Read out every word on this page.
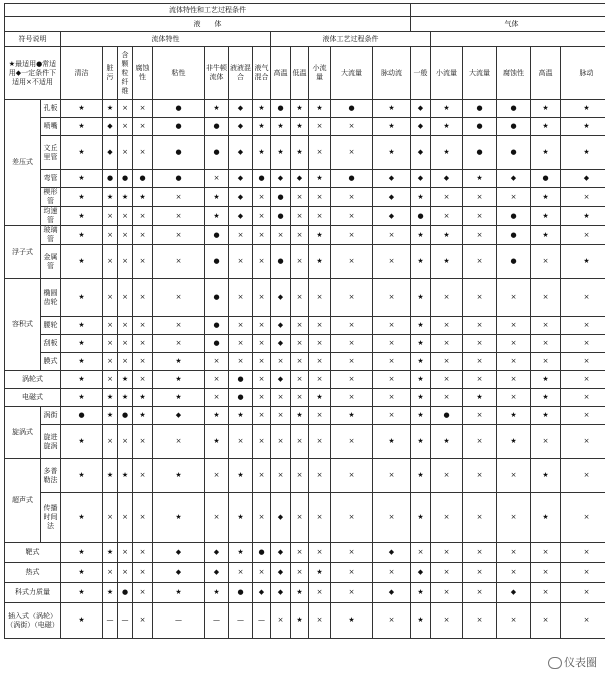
流体特性和工艺过程条件																				
液　　体															气体					
符号说明		流体特性								液体工艺过程条件										
★最适用●常适用◆一定条件下适用×不适用		清洁	脏污	含颗粒纤维	腐蚀性	粘性	非牛顿流体	液液混合	液气混合	高温	低温	小流量	大流量	脉动流	一般	小流量	大流量	腐蚀性	高温	脉动
差压式	孔板	★	★	×	×	●	★	◆	★	●	★	★	●	★	◆	★	●	●	★	★
	喷嘴	★	◆	×	×	●	●	◆	★	★	★	×	×	★	◆	★	●	●	★	★
	文丘里管	★	◆	×	×	●	●	◆	★	★	★	×	×	★	◆	★	●	●	★	★
	弯管	★	●	●	●	●	×	◆	●	◆	◆	★	●	◆	◆	◆	★	◆	●	◆
	楔形管	★	★	★	★	×	★	◆	×	●	×	×	×	◆	★	×	×	×	★	×
	均速管	★	×	×	×	×	★	◆	×	●	×	×	×	◆	●	×	×	●	★	★
浮子式	玻璃管	★	×	×	×	×	●	×	×	×	×	★	×	×	★	★	×	●	★	×
	金属管	★	×	×	×	×	●	×	×	●	×	★	×	×	★	★	×	●	×	★
容积式	椭圆齿轮	★	×	×	×	×	●	×	×	◆	×	×	×	×	★	×	×	×	×	×
	腰轮	★	×	×	×	×	●	×	×	◆	×	×	×	×	★	×	×	×	×	×
	刮板	★	×	×	×	×	●	×	×	◆	×	×	×	×	★	×	×	×	×	×
	膜式	★	×	×	×	★	×	×	×	×	×	×	×	×	★	×	×	×	×	×
涡轮式		★	×	★	×	★	×	●	×	◆	×	×	×	×	★	×	×	×	★	×
电磁式		★	★	★	★	★	×	●	×	×	×	★	×	×	★	×	★	×	★	×
旋涡式	涡街	●	★	●	★	◆	★	★	×	×	★	×	★	×	★	●	×	★	★	×
	旋进旋涡	★	×	×	×	×	★	×	×	×	×	×	×	★	★	★	×	★	×	×
超声式	多普勒法	★	★	★	×	★	×	★	×	×	×	×	×	×	★	×	×	×	★	×
	传播时间法	★	×	×	×	★	×	★	×	◆	×	×	×	×	★	×	×	×	★	×
靶式		★	★	×	×	◆	◆	★	●	◆	×	×	×	◆	×	×	×	×	×	×
热式		★	×	×	×	◆	◆	×	×	◆	×	★	×	×	◆	×	×	×	×	×
科式力质量		★	★	●	×	★	★	●	◆	◆	★	×	×	◆	★	×	×	◆	×	×
插入式（涡轮）（涡街）（电磁）		★	—	—	×	—	—	—	—	×	★	×	★	×	★	×	×	×	×	×
仪表圈
